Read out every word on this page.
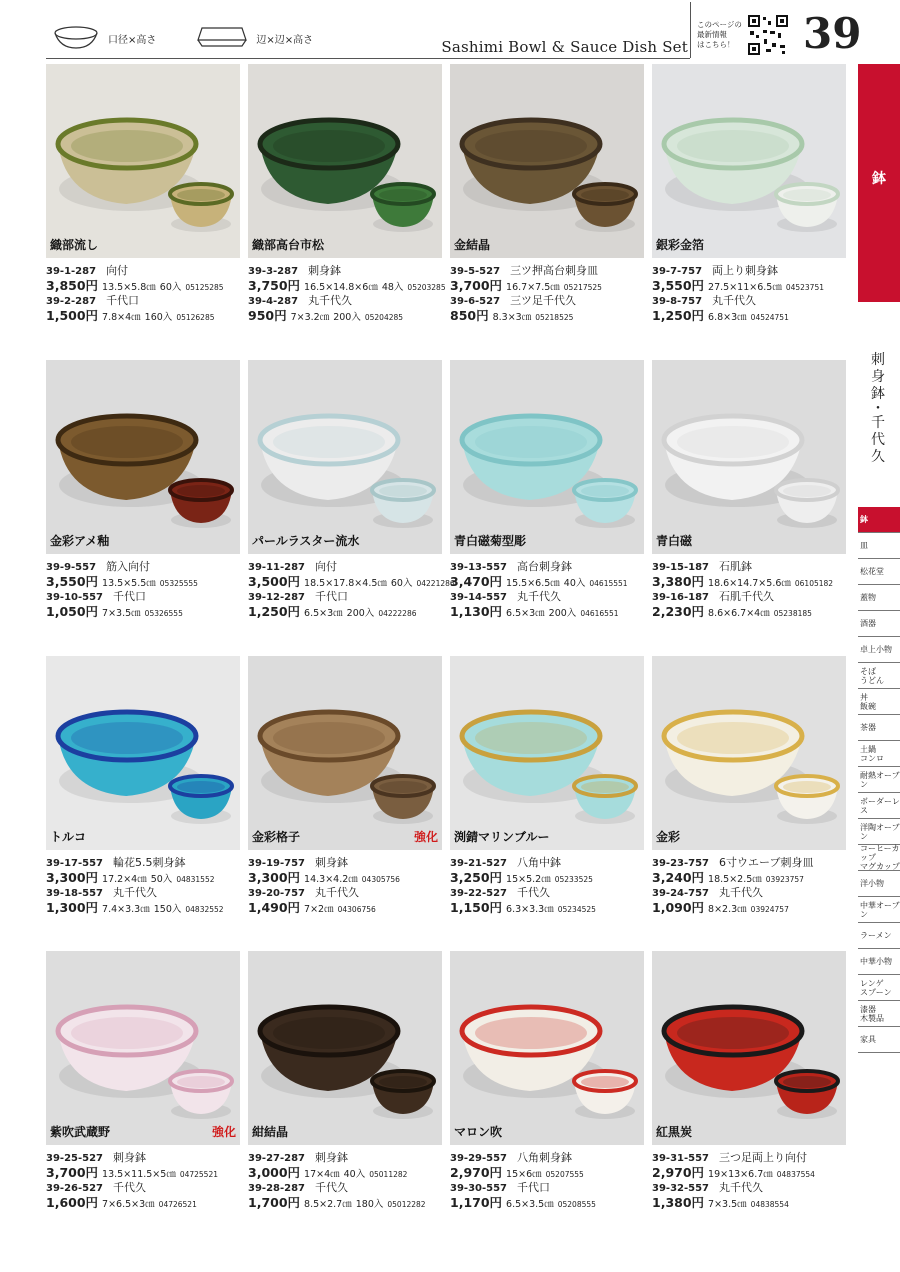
口径×高さ	辺×辺×高さ	Sashimi Bowl & Sauce Dish Set
このページの
最新情報
はこちら！ 39
織部流し
39-1-287 向付
3,850円 13.5×5.8㎝ 60入 05125285
39-2-287 千代口
1,500円 7.8×4㎝ 160入 05126285
織部高台市松
39-3-287 刺身鉢
3,750円 16.5×14.8×6㎝ 48入 05203285
39-4-287 丸千代久
950円 7×3.2㎝ 200入 05204285
金結晶
39-5-527 三ツ押高台刺身皿
3,700円 16.7×7.5㎝ 05217525
39-6-527 三ツ足千代久
850円 8.3×3㎝ 05218525
銀彩金箔
39-7-757 両上り刺身鉢
3,550円 27.5×11×6.5㎝ 04523751
39-8-757 丸千代久
1,250円 6.8×3㎝ 04524751
金彩アメ釉
39-9-557 筋入向付
3,550円 13.5×5.5㎝ 05325555
39-10-557 千代口
1,050円 7×3.5㎝ 05326555
パールラスター流水
39-11-287 向付
3,500円 18.5×17.8×4.5㎝ 60入 04221286
39-12-287 千代口
1,250円 6.5×3㎝ 200入 04222286
青白磁菊型彫
39-13-557 高台刺身鉢
3,470円 15.5×6.5㎝ 40入 04615551
39-14-557 丸千代久
1,130円 6.5×3㎝ 200入 04616551
青白磁
39-15-187 石肌鉢
3,380円 18.6×14.7×5.6㎝ 06105182
39-16-187 石肌千代久
2,230円 8.6×6.7×4㎝ 05238185
トルコ
39-17-557 輪花5.5刺身鉢
3,300円 17.2×4㎝ 50入 04831552
39-18-557 丸千代久
1,300円 7.4×3.3㎝ 150入 04832552
金彩格子	強化
39-19-757 刺身鉢
3,300円 14.3×4.2㎝ 04305756
39-20-757 丸千代久
1,490円 7×2㎝ 04306756
渕錆マリンブルー
39-21-527 八角中鉢
3,250円 15×5.2㎝ 05233525
39-22-527 千代久
1,150円 6.3×3.3㎝ 05234525
金彩
39-23-757 6寸ウエーブ刺身皿
3,240円 18.5×2.5㎝ 03923757
39-24-757 丸千代久
1,090円 8×2.3㎝ 03924757
紫吹武蔵野	強化
39-25-527 刺身鉢
3,700円 13.5×11.5×5㎝ 04725521
39-26-527 千代久
1,600円 7×6.5×3㎝ 04726521
紺結晶
39-27-287 刺身鉢
3,000円 17×4㎝ 40入 05011282
39-28-287 千代久
1,700円 8.5×2.7㎝ 180入 05012282
マロン吹
39-29-557 八角刺身鉢
2,970円 15×6㎝ 05207555
39-30-557 千代口
1,170円 6.5×3.5㎝ 05208555
紅黒炭
39-31-557 三つ足両上り向付
2,970円 19×13×6.7㎝ 04837554
39-32-557 丸千代久
1,380円 7×3.5㎝ 04838554
鉢
刺
身
鉢
・
千
代
久
鉢
皿
松花堂
蓋物
酒器
卓上小物
そば
うどん
丼
飯碗
茶器
土鍋
コンロ
耐熱オーブン
ボーダーレス
洋陶オーブン
コーヒーカップ
マグカップ
洋小物
中華オーブン
ラーメン
中華小物
レンゲ
スプーン
漆器
木製品
家具
